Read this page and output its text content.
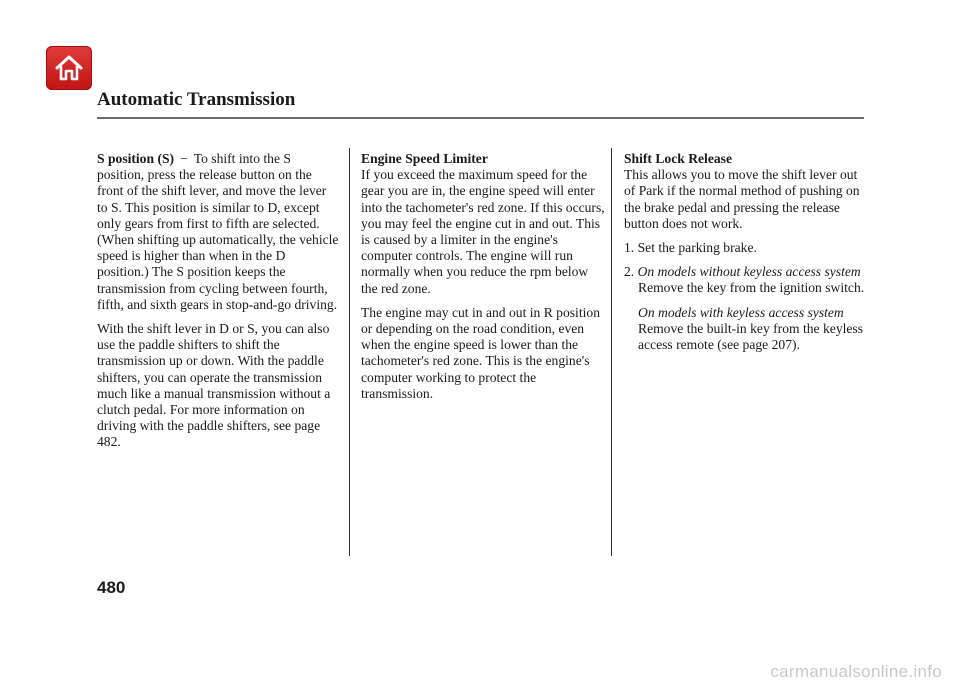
Automatic Transmission

S position (S) − To shift into the S position, press the release button on the front of the shift lever, and move the lever to S. This position is similar to D, except only gears from first to fifth are selected. (When shifting up automatically, the vehicle speed is higher than when in the D position.) The S position keeps the transmission from cycling between fourth, fifth, and sixth gears in stop-and-go driving.

With the shift lever in D or S, you can also use the paddle shifters to shift the transmission up or down. With the paddle shifters, you can operate the transmission much like a manual transmission without a clutch pedal. For more information on driving with the paddle shifters, see page 482.

Engine Speed Limiter

If you exceed the maximum speed for the gear you are in, the engine speed will enter into the tachometer's red zone. If this occurs, you may feel the engine cut in and out. This is caused by a limiter in the engine's computer controls. The engine will run normally when you reduce the rpm below the red zone.

The engine may cut in and out in R position or depending on the road condition, even when the engine speed is lower than the tachometer's red zone. This is the engine's computer working to protect the transmission.

Shift Lock Release

This allows you to move the shift lever out of Park if the normal method of pushing on the brake pedal and pressing the release button does not work.

1. Set the parking brake.

2. On models without keyless access system
Remove the key from the ignition switch.
On models with keyless access system
Remove the built-in key from the keyless access remote (see page 207).
480
carmanualsonline.info
